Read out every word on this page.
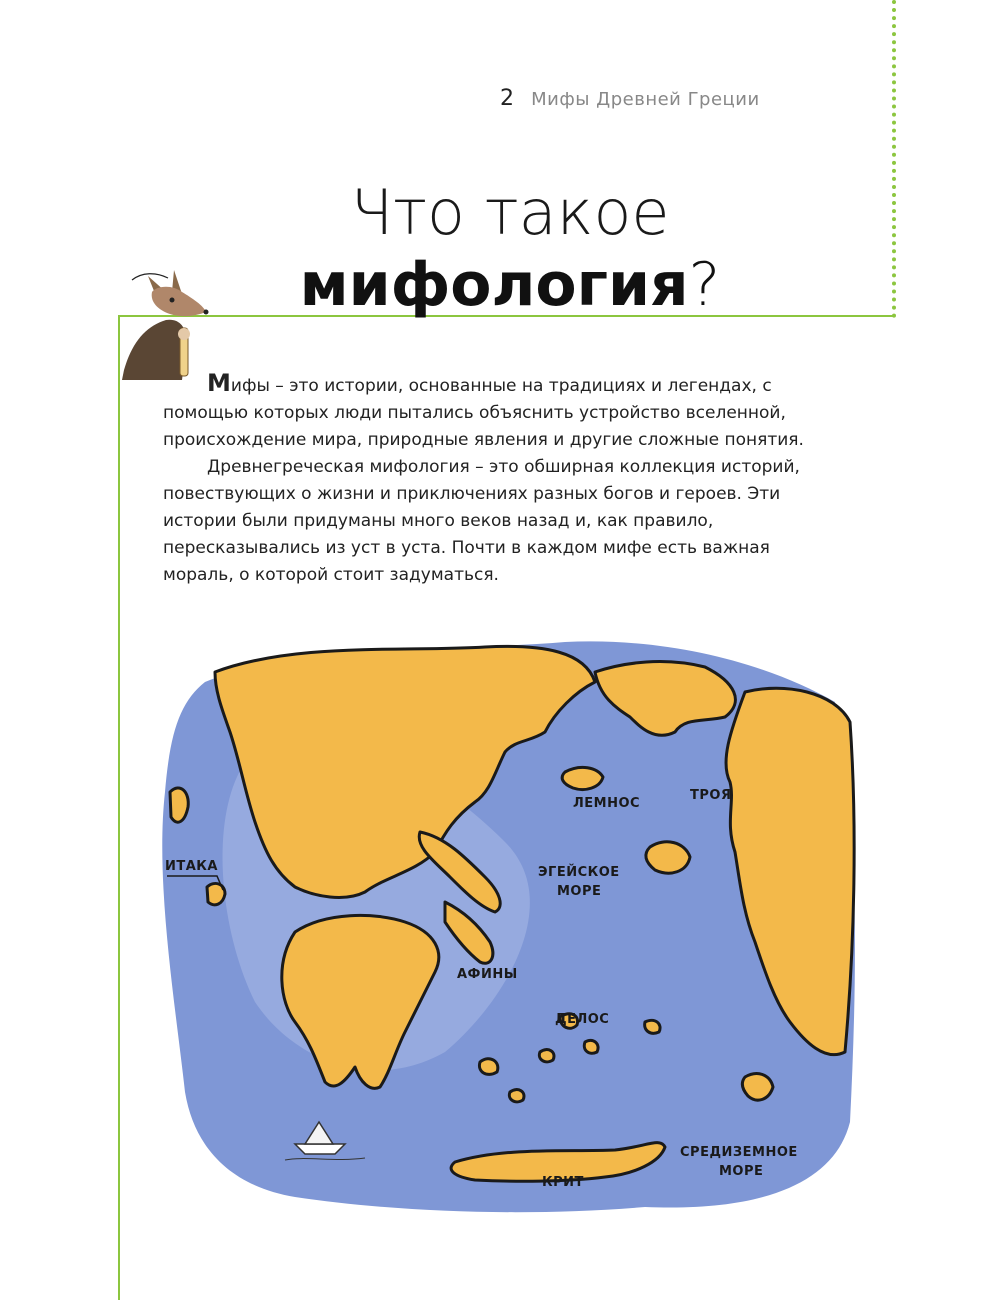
2 Мифы Древней Греции
Что такое
мифология?

Мифы – это истории, основанные на традициях и легендах, с помощью которых люди пытались объяснить устройство вселенной, происхождение мира, природные явления и другие сложные понятия.

Древнегреческая мифология – это обширная коллекция историй, повествующих о жизни и приключениях разных богов и героев. Эти истории были придуманы много веков назад и, как правило, пересказывались из уст в уста. Почти в каждом мифе есть важная мораль, о которой стоит задуматься.

ЛЕМНОС
ТРОЯ
ИТАКА	ЭГЕЙСКОЕ
МОРЕ
АФИНЫ
ДЕЛОС
СРЕДИЗЕМНОЕ
МОРЕ
КРИТ
